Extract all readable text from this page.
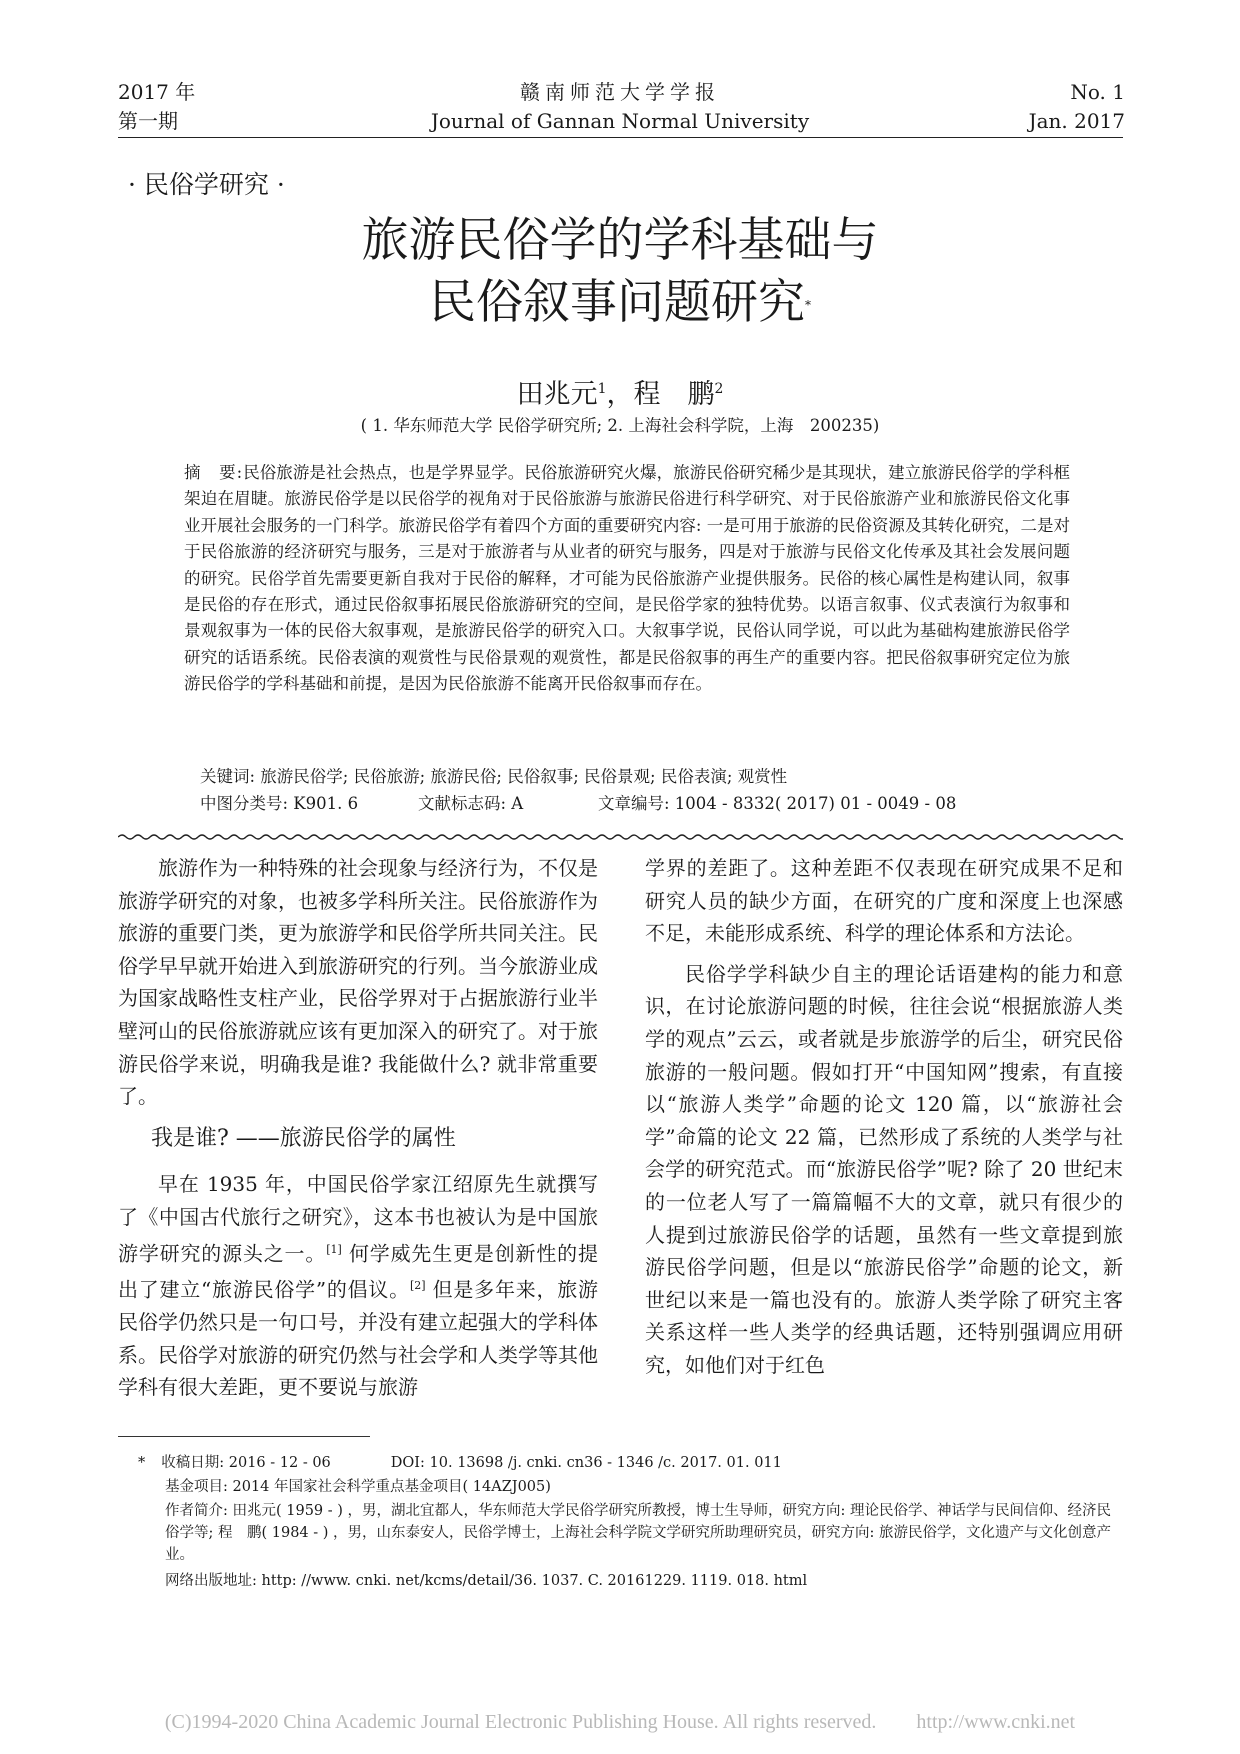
2017 年
第一期
赣南师范大学学报
Journal of Gannan Normal University
No. 1
Jan. 2017
· 民俗学研究 ·
旅游民俗学的学科基础与
民俗叙事问题研究*
田兆元$^1$，程　鹏$^2$
( 1. 华东师范大学 民俗学研究所; 2. 上海社会科学院，上海　200235)
摘　要:民俗旅游是社会热点，也是学界显学。民俗旅游研究火爆，旅游民俗研究稀少是其现状，建立旅游民俗学的学科框架迫在眉睫。旅游民俗学是以民俗学的视角对于民俗旅游与旅游民俗进行科学研究、对于民俗旅游产业和旅游民俗文化事业开展社会服务的一门科学。旅游民俗学有着四个方面的重要研究内容: 一是可用于旅游的民俗资源及其转化研究，二是对于民俗旅游的经济研究与服务，三是对于旅游者与从业者的研究与服务，四是对于旅游与民俗文化传承及其社会发展问题的研究。民俗学首先需要更新自我对于民俗的解释，才可能为民俗旅游产业提供服务。民俗的核心属性是构建认同，叙事是民俗的存在形式，通过民俗叙事拓展民俗旅游研究的空间，是民俗学家的独特优势。以语言叙事、仪式表演行为叙事和景观叙事为一体的民俗大叙事观，是旅游民俗学的研究入口。大叙事学说，民俗认同学说，可以此为基础构建旅游民俗学研究的话语系统。民俗表演的观赏性与民俗景观的观赏性，都是民俗叙事的再生产的重要内容。把民俗叙事研究定位为旅游民俗学的学科基础和前提，是因为民俗旅游不能离开民俗叙事而存在。
关键词: 旅游民俗学; 民俗旅游; 旅游民俗; 民俗叙事; 民俗景观; 民俗表演; 观赏性
中图分类号: K901. 6	文献标志码: A	文章编号: 1004 - 8332( 2017) 01 - 0049 - 08

旅游作为一种特殊的社会现象与经济行为，不仅是旅游学研究的对象，也被多学科所关注。民俗旅游作为旅游的重要门类，更为旅游学和民俗学所共同关注。民俗学早早就开始进入到旅游研究的行列。当今旅游业成为国家战略性支柱产业，民俗学界对于占据旅游行业半壁河山的民俗旅游就应该有更加深入的研究了。对于旅游民俗学来说，明确我是谁? 我能做什么? 就非常重要了。

我是谁? ——旅游民俗学的属性

早在 1935 年，中国民俗学家江绍原先生就撰写了《中国古代旅行之研究》，这本书也被认为是中国旅游学研究的源头之一。[1] 何学威先生更是创新性的提出了建立“旅游民俗学”的倡议。[2] 但是多年来，旅游民俗学仍然只是一句口号，并没有建立起强大的学科体系。民俗学对旅游的研究仍然与社会学和人类学等其他学科有很大差距，更不要说与旅游

学界的差距了。这种差距不仅表现在研究成果不足和研究人员的缺少方面，在研究的广度和深度上也深感不足，未能形成系统、科学的理论体系和方法论。

民俗学学科缺少自主的理论话语建构的能力和意识，在讨论旅游问题的时候，往往会说“根据旅游人类学的观点”云云，或者就是步旅游学的后尘，研究民俗旅游的一般问题。假如打开“中国知网”搜索，有直接以“旅游人类学”命题的论文 120 篇，以“旅游社会学”命篇的论文 22 篇，已然形成了系统的人类学与社会学的研究范式。而“旅游民俗学”呢? 除了 20 世纪末的一位老人写了一篇篇幅不大的文章，就只有很少的人提到过旅游民俗学的话题，虽然有一些文章提到旅游民俗学问题，但是以“旅游民俗学”命题的论文，新世纪以来是一篇也没有的。旅游人类学除了研究主客关系这样一些人类学的经典话题，还特别强调应用研究，如他们对于红色

* 收稿日期: 2016 - 12 - 06	DOI: 10. 13698 /j. cnki. cn36 - 1346 /c. 2017. 01. 011
基金项目: 2014 年国家社会科学重点基金项目( 14AZJ005)
作者简介: 田兆元( 1959 - ) ，男，湖北宜都人，华东师范大学民俗学研究所教授，博士生导师，研究方向: 理论民俗学、神话学与民间信仰、经济民俗学等; 程　鹏( 1984 - ) ，男，山东泰安人，民俗学博士，上海社会科学院文学研究所助理研究员，研究方向: 旅游民俗学，文化遗产与文化创意产业。
网络出版地址: http: //www. cnki. net/kcms/detail/36. 1037. C. 20161229. 1119. 018. html
(C)1994-2020 China Academic Journal Electronic Publishing House. All rights reserved.　　http://www.cnki.net
